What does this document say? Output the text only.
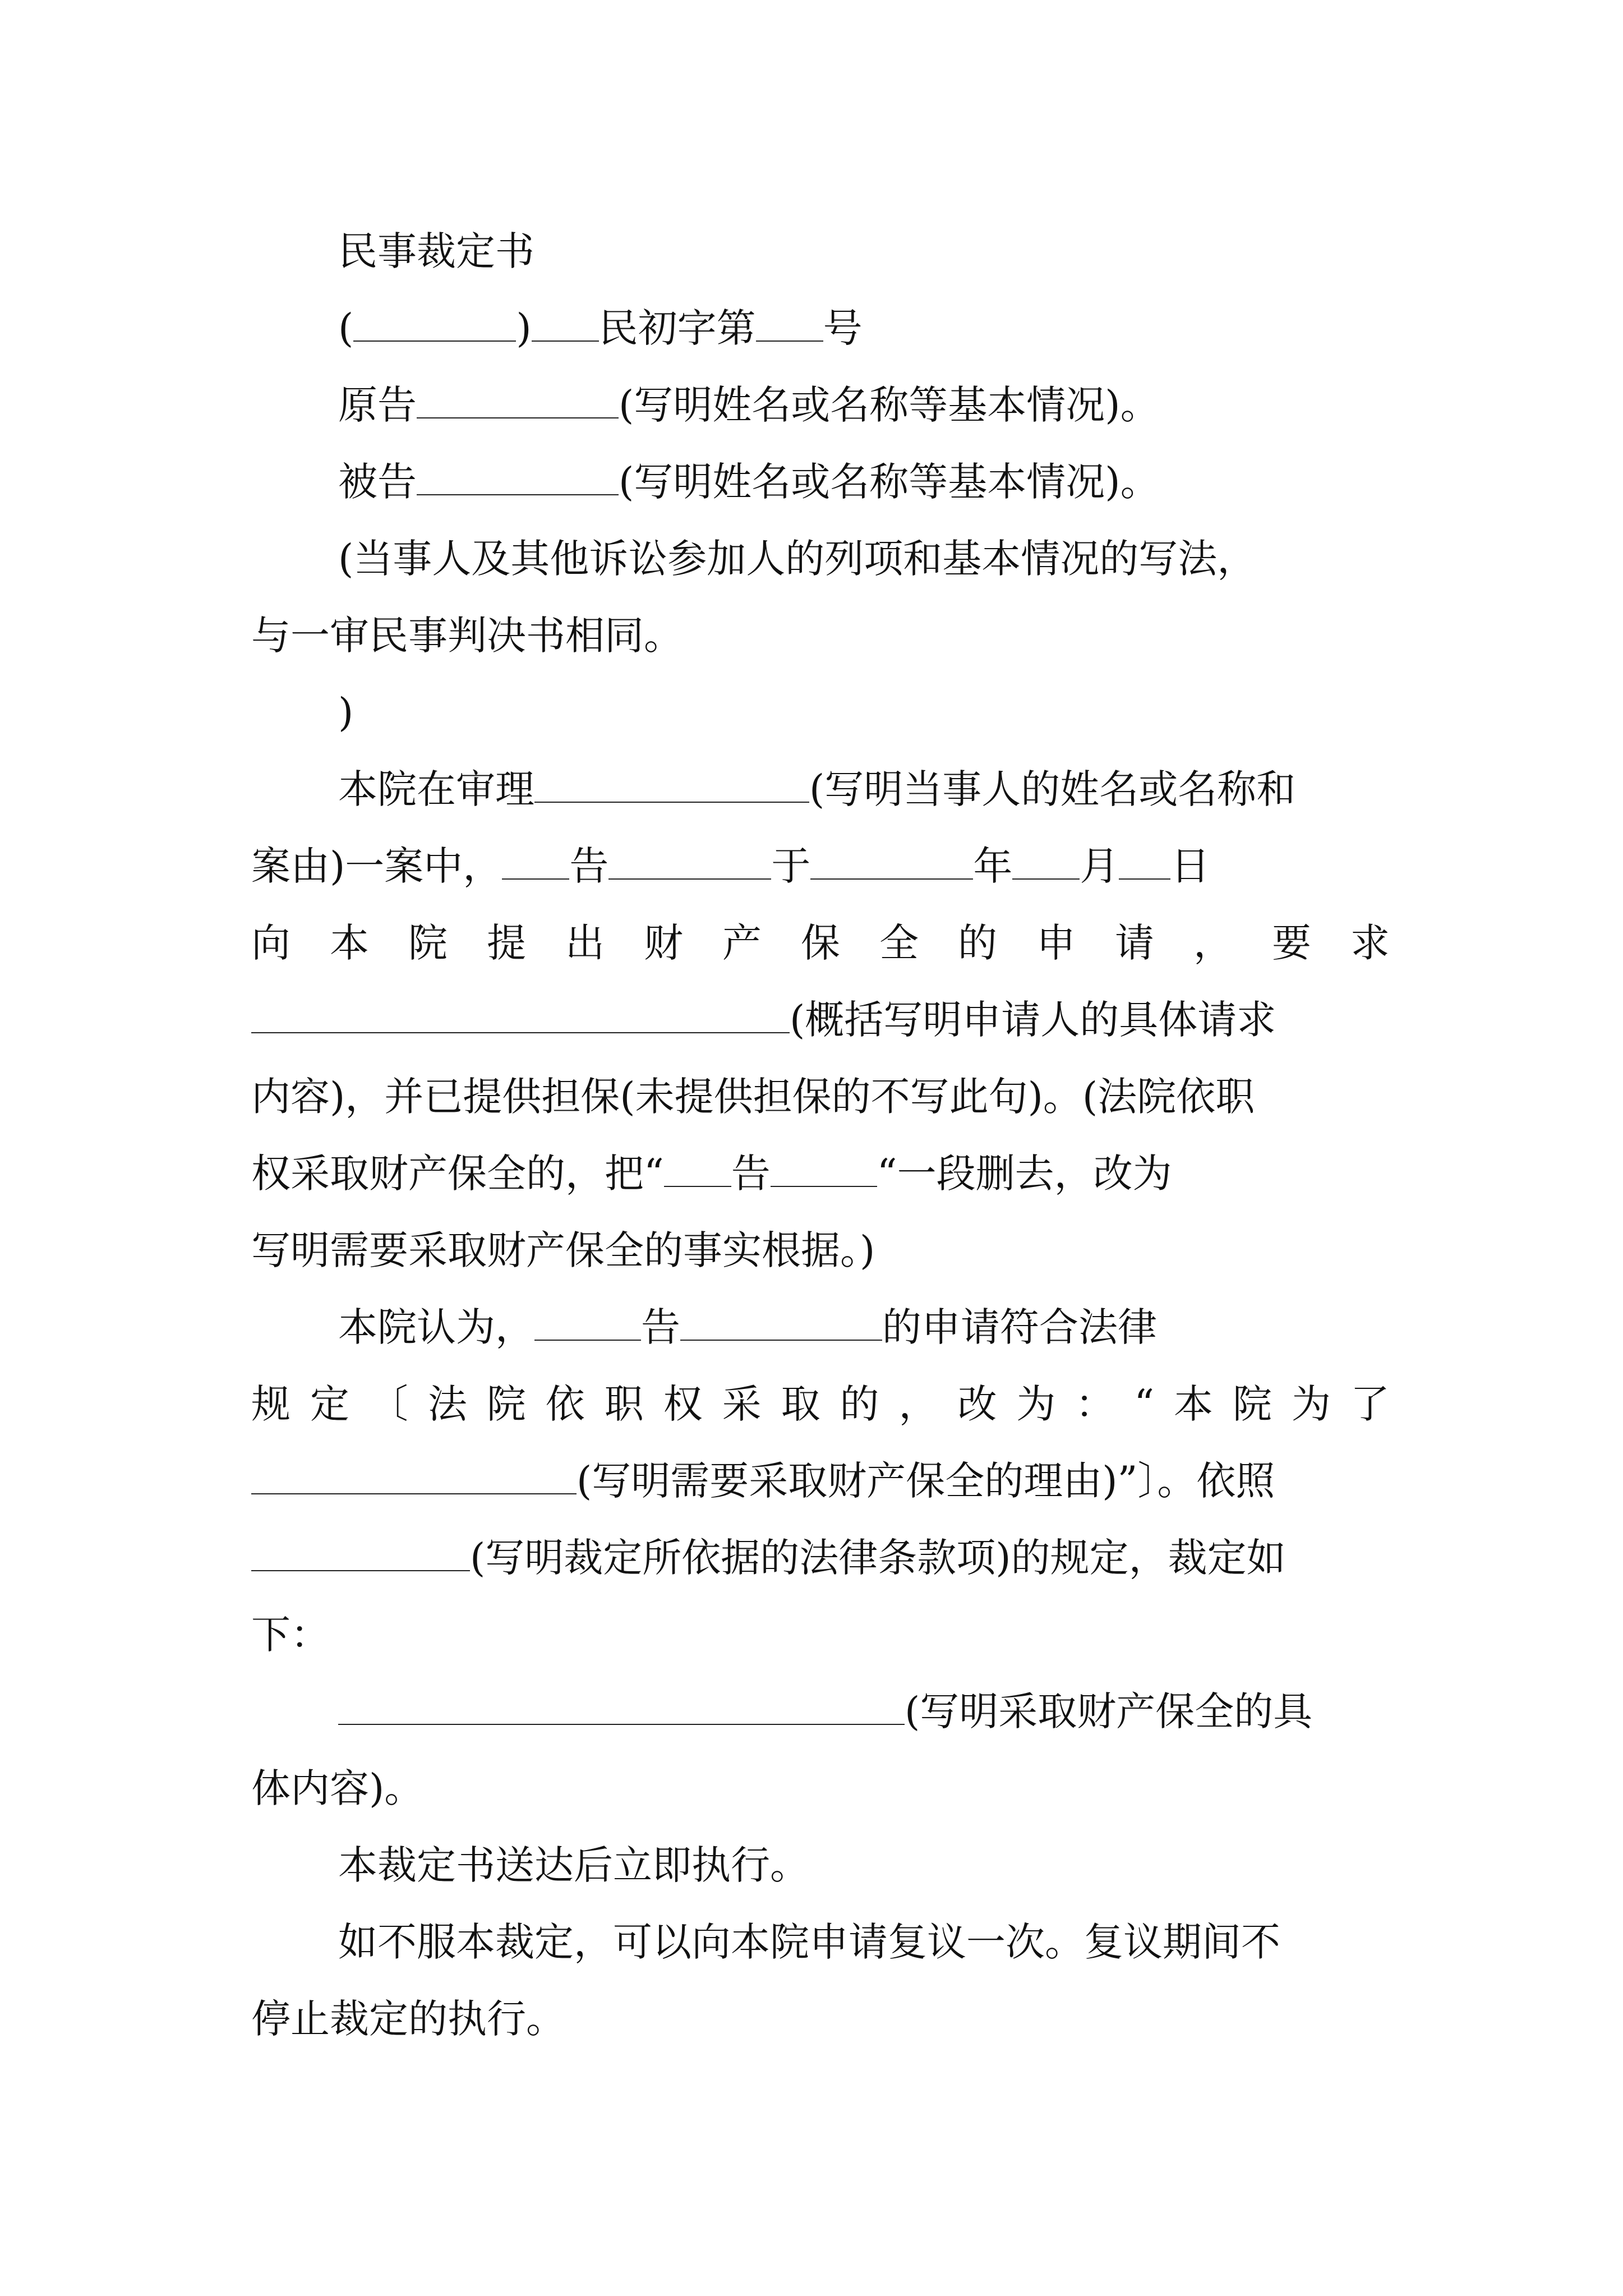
民事裁定书
(	) 民初字第 号
原告	(写明姓名或名称等基本情况)。
被告	(写明姓名或名称等基本情况)。
(当事人及其他诉讼参加人的列项和基本情况的写法，
与一审民事判决书相同。
)
本院在审理	(写明当事人的姓名或名称和
案由)一案中， 告	于	年 月 日
向 本 院 提 出 财 产 保 全 的 申 请 ， 要 求
(概括写明申请人的具体请求
内容)，并已提供担保(未提供担保的不写此句)。(法院依职
权采取财产保全的，把“ 告	“一段删去，改为
写明需要采取财产保全的事实根据。)
本院认为，	告	的申请符合法律
规 定 〔 法 院 依 职 权 采 取 的 ， 改 为 ： “ 本 院 为 了
(写明需要采取财产保全的理由)”〕。依照
(写明裁定所依据的法律条款项)的规定，裁定如
下：
(写明采取财产保全的具
体内容)。
本裁定书送达后立即执行。
如不服本裁定，可以向本院申请复议一次。复议期间不
停止裁定的执行。
